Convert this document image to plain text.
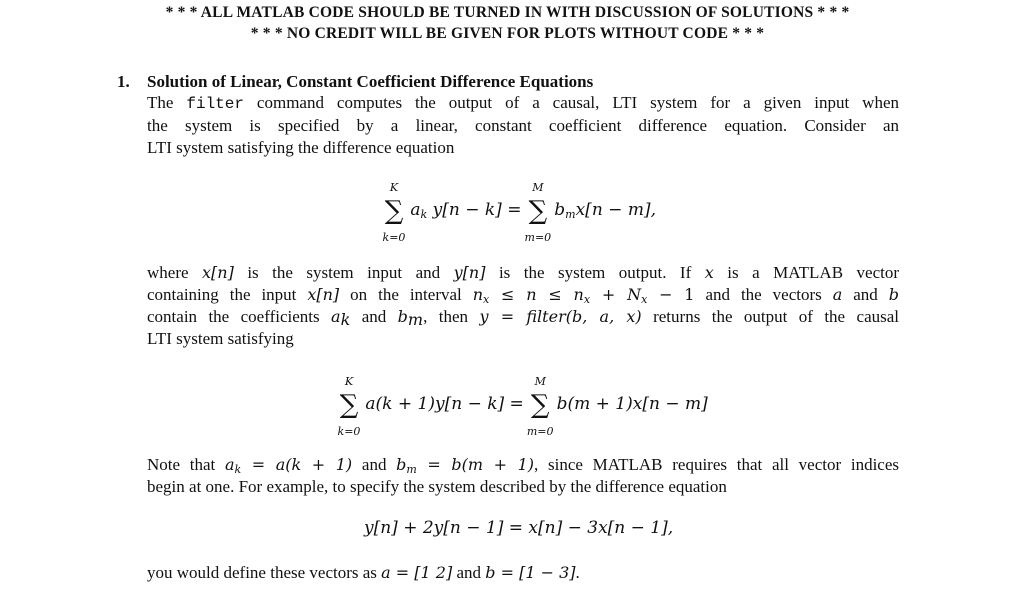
* * * ALL MATLAB CODE SHOULD BE TURNED IN WITH DISCUSSION OF SOLUTIONS * * *
* * * NO CREDIT WILL BE GIVEN FOR PLOTS WITHOUT CODE * * *
1. Solution of Linear, Constant Coefficient Difference Equations
The filter command computes the output of a causal, LTI system for a given input when
the system is specified by a linear, constant coefficient difference equation. Consider an
LTI system satisfying the difference equation
∑
K
k=0
$a_k$ y[n − k] = ∑
M
m=0
$b_mx[n - m]$,
where x[n] is the system input and y[n] is the system output. If x is a MATLAB vector
containing the input x[n] on the interval $n_x \le n \le n_x + N_x - 1$ and the vectors a and b
contain the coefficients $a_k$ and $b_m$, then y = filter(b, a, x) returns the output of the causal
LTI system satisfying
∑
K
k=0
a(k + 1)y[n − k] = ∑
M
m=0
b(m + 1)x[n − m]
Note that $a_k = a(k + 1)$ and $b_m = b(m + 1)$, since MATLAB requires that all vector indices
begin at one. For example, to specify the system described by the difference equation
y[n] + 2y[n − 1] = x[n] − 3x[n − 1],
you would define these vectors as a = [1 2] and b = [1 − 3].
